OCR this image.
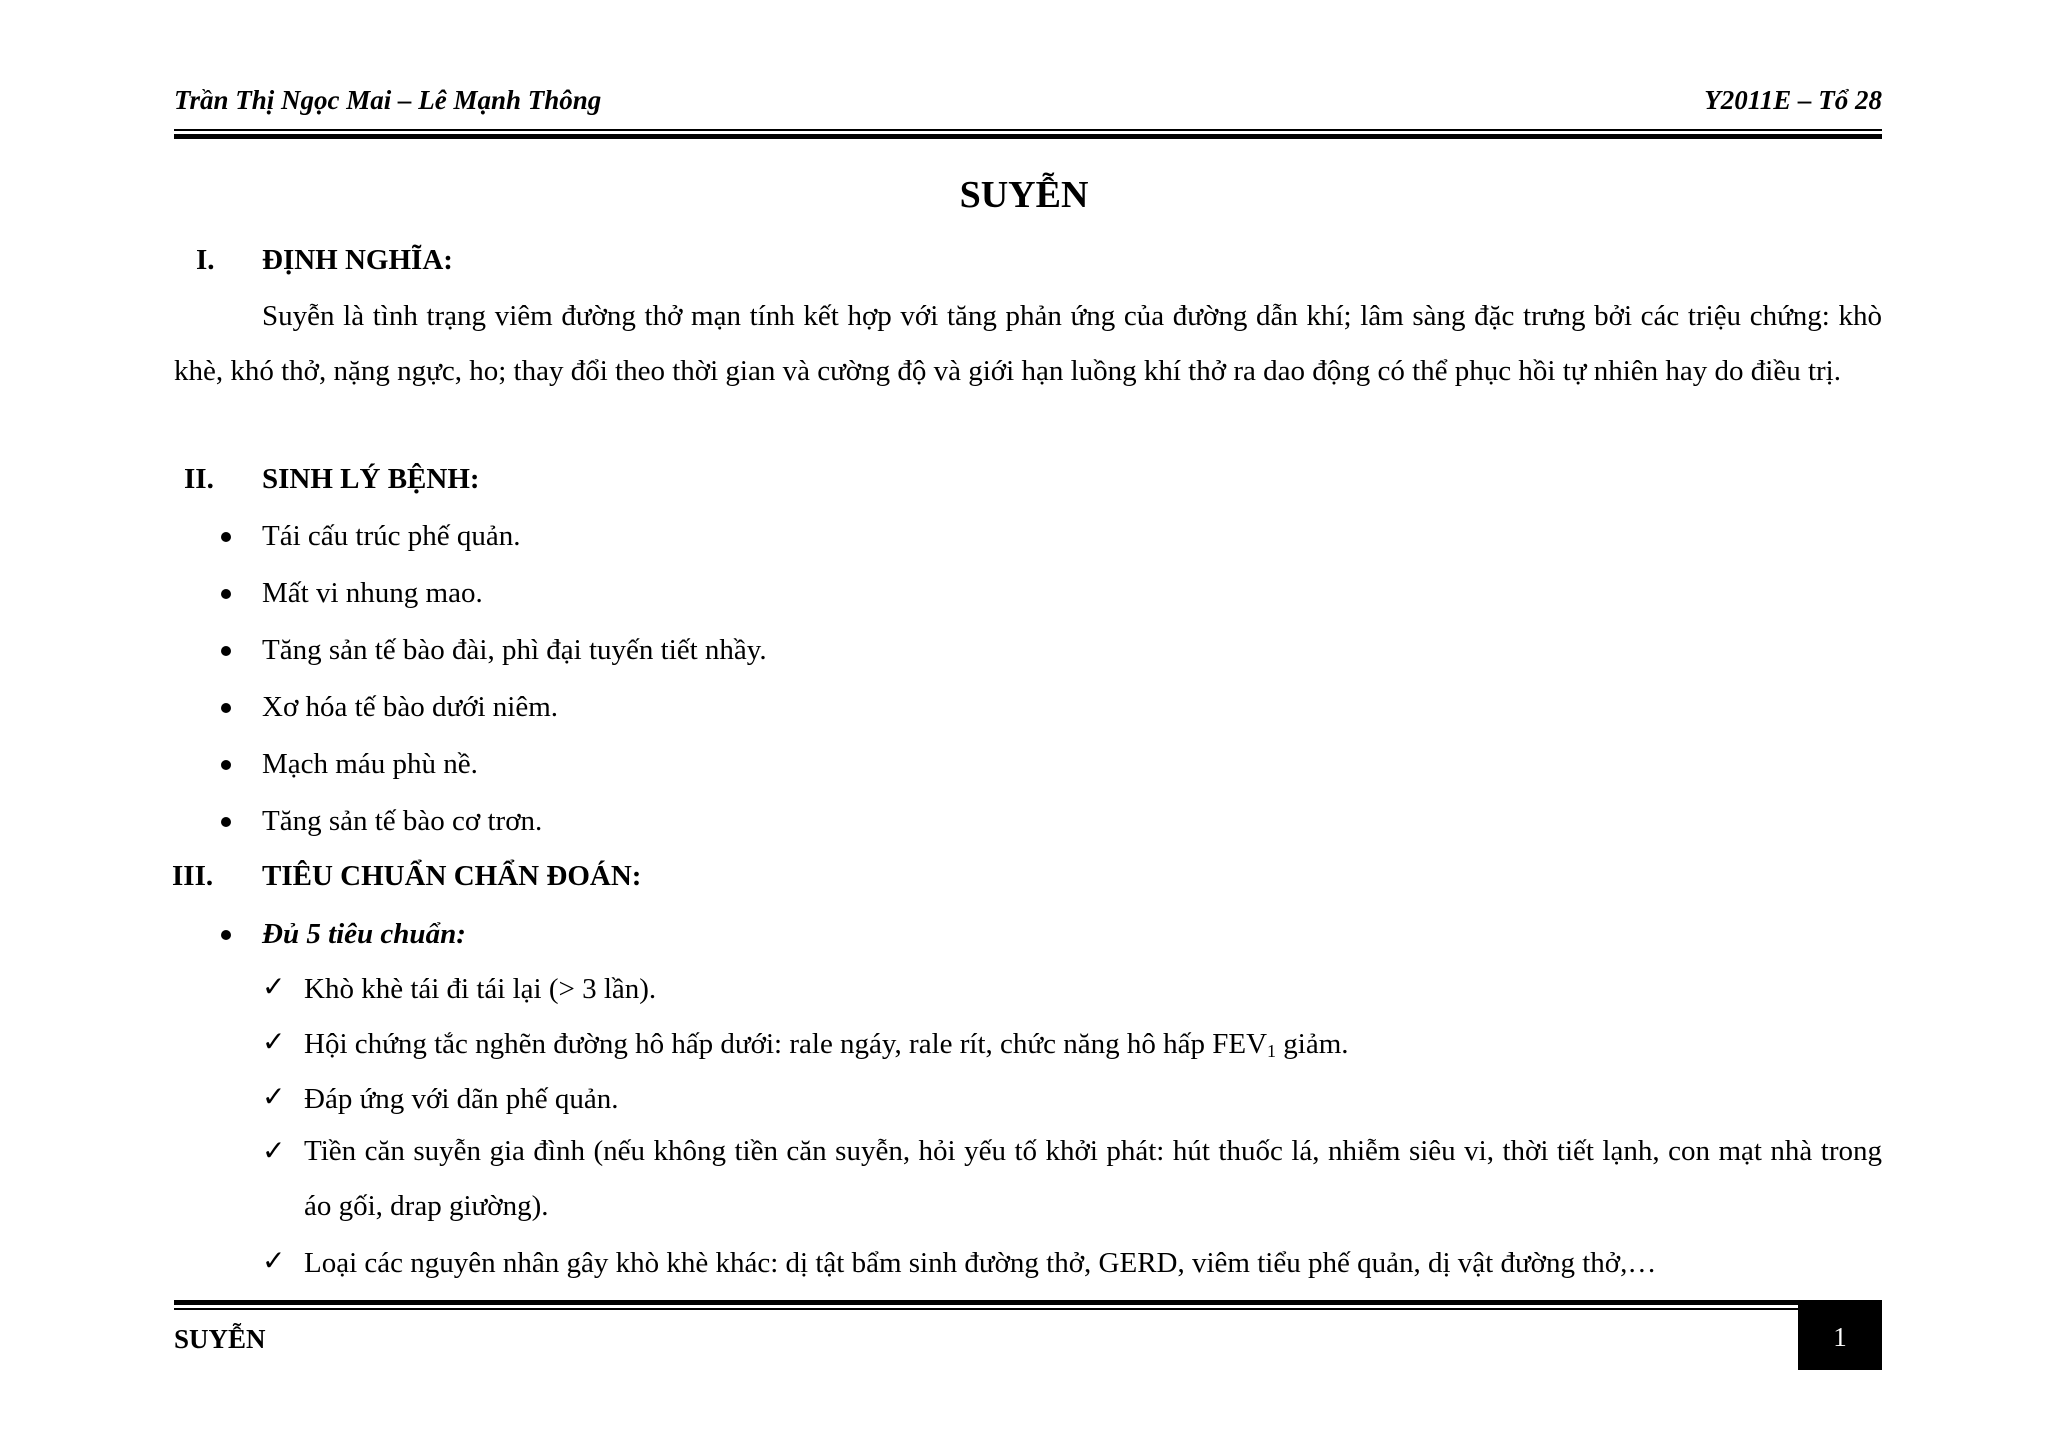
Trần Thị Ngọc Mai – Lê Mạnh Thông	Y2011E – Tổ 28
SUYỄN
I. ĐỊNH NGHĨA:
Suyễn là tình trạng viêm đường thở mạn tính kết hợp với tăng phản ứng của đường dẫn khí; lâm sàng đặc trưng bởi các triệu chứng: khò khè, khó thở, nặng ngực, ho; thay đổi theo thời gian và cường độ và giới hạn luồng khí thở ra dao động có thể phục hồi tự nhiên hay do điều trị.
II. SINH LÝ BỆNH:
Tái cấu trúc phế quản.
Mất vi nhung mao.
Tăng sản tế bào đài, phì đại tuyến tiết nhầy.
Xơ hóa tế bào dưới niêm.
Mạch máu phù nề.
Tăng sản tế bào cơ trơn.
III. TIÊU CHUẨN CHẨN ĐOÁN:
Đủ 5 tiêu chuẩn:
✓ Khò khè tái đi tái lại (> 3 lần).
✓ Hội chứng tắc nghẽn đường hô hấp dưới: rale ngáy, rale rít, chức năng hô hấp $FEV_1$ giảm.
✓ Đáp ứng với dãn phế quản.
✓ Tiền căn suyễn gia đình (nếu không tiền căn suyễn, hỏi yếu tố khởi phát: hút thuốc lá, nhiễm siêu vi, thời tiết lạnh, con mạt nhà trong áo gối, drap giường).
✓ Loại các nguyên nhân gây khò khè khác: dị tật bẩm sinh đường thở, GERD, viêm tiểu phế quản, dị vật đường thở,…
SUYỄN	1
